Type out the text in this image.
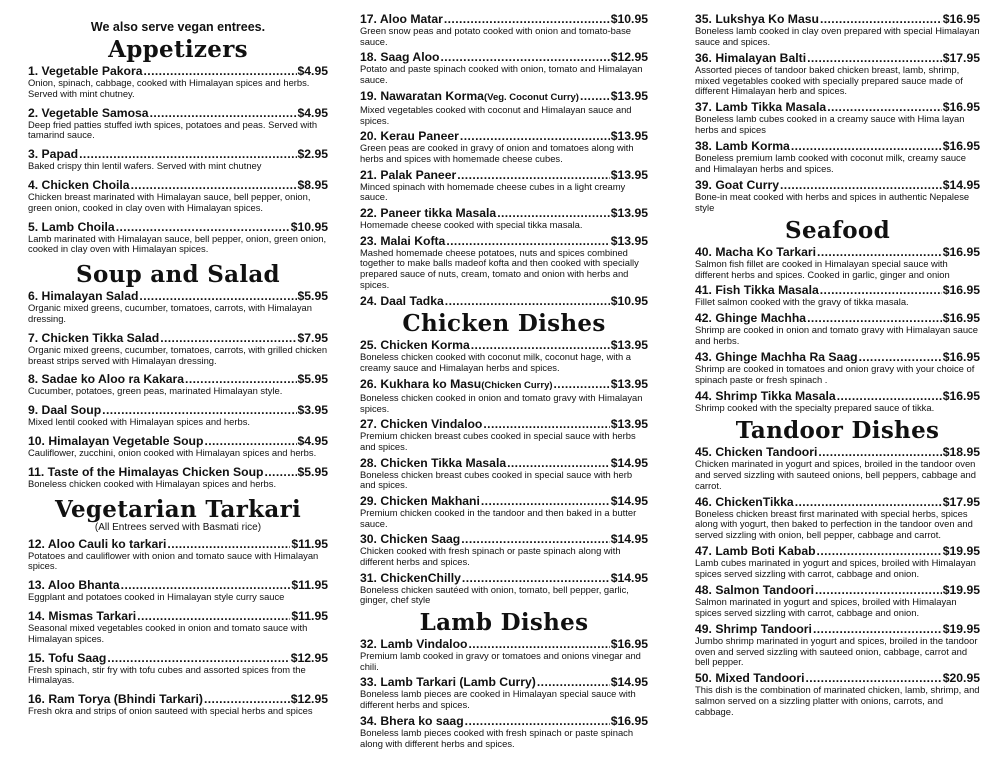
We also serve vegan entrees.

Appetizers
1. Vegetable Pakora .....	$4.95

Onion, spinach, cabbage, cooked with Himalayan spices and herbs. Served with mint chutney.

2. Vegetable Samosa .....	$4.95

Deep fried patties stuffed iwth spices, potatoes and peas. Served with tamarind sauce.

3. Papad .....	$2.95

Baked crispy thin lentil wafers. Served with mint chutney

4. Chicken Choila .....	$8.95

Chicken breast marinated with Himalayan sauce, bell pepper, onion, green onion, cooked in clay oven with Himalayan spices.

5. Lamb Choila .....	$10.95

Lamb marinated with Himalayan sauce, bell pepper, onion, green onion, cooked in clay oven with Himalayan spices.

Soup and Salad
6. Himalayan Salad .....	$5.95

Organic mixed greens, cucumber, tomatoes, carrots, with Himalayan dressing.

7. Chicken Tikka Salad .....	$7.95

Organic mixed greens, cucumber, tomatoes, carrots, with grilled chicken breast strips served with Himalayan dressing.

8. Sadae ko Aloo ra Kakara .....	$5.95

Cucumber, potatoes, green peas, marinated Himalayan style.

9. Daal Soup .....	$3.95

Mixed lentil cooked with Himalayan spices and herbs.

10. Himalayan Vegetable Soup .....	$4.95

Cauliflower, zucchini, onion cooked with Himalayan spices and herbs.

11. Taste of the Himalayas Chicken Soup .....	$5.95

Boneless chicken cooked with Himalayan spices and herbs.

Vegetarian Tarkari

(All Entrees served with Basmati rice)

12. Aloo Cauli ko tarkari .....	$11.95

Potatoes and cauliflower with onion and tomato sauce with Himalayan spices.

13. Aloo Bhanta .....	$11.95

Eggplant and potatoes cooked in Himalayan style curry sauce

14. Mismas Tarkari .....	$11.95

Seasonal mixed vegetables cooked in onion and tomato sauce with Himalayan spices.

15. Tofu Saag .....	$12.95

Fresh spinach, stir fry with tofu cubes and assorted spices from the Himalayas.

16. Ram Torya (Bhindi Tarkari) .....	$12.95

Fresh okra and strips of onion sauteed with special herbs and spices

17. Aloo Matar .....	$10.95

Green snow peas and potato cooked with onion and tomato-base sauce.

18. Saag Aloo .....	$12.95

Potato and paste spinach cooked with onion, tomato and Himalayan sauce.

19. Nawaratan Korma(Veg. Coconut Curry) .....	$13.95

Mixed vegetables cooked with coconut and Himalayan sauce and spices.

20. Kerau Paneer .....	$13.95

Green peas are cooked in gravy of onion and tomatoes along with herbs and spices with homemade cheese cubes.

21. Palak Paneer .....	$13.95

Minced spinach with homemade cheese cubes in a light creamy sauce.

22. Paneer tikka Masala .....	$13.95

Homemade cheese cooked with special tikka masala.

23. Malai Kofta .....	$13.95

Mashed homemade cheese potatoes, nuts and spices combined together to make balls madeof kofta and then cooked with specially prepared sauce of nuts, cream, tomato and onion with herbs and spices.

24. Daal Tadka .....	$10.95
Chicken Dishes
25. Chicken Korma .....	$13.95

Boneless chicken cooked with coconut milk, coconut hage, with a creamy sauce and Himalayan herbs and spices.

26. Kukhara ko Masu(Chicken Curry) .....	$13.95

Boneless chicken cooked in onion and tomato gravy with Himalayan spices.

27. Chicken Vindaloo .....	$13.95

Premium chicken breast cubes cooked in special sauce with herbs and spices.

28. Chicken Tikka Masala .....	$14.95

Boneless chicken breast cubes cooked in special sauce with herb and spices.

29. Chicken Makhani .....	$14.95

Premium chicken cooked in the tandoor and then baked in a butter sauce.

30. Chicken Saag .....	$14.95

Chicken cooked with fresh spinach or paste spinach along with different herbs and spices.

31. ChickenChilly .....	$14.95

Boneless chicken sautéed with onion, tomato, bell pepper, garlic, ginger, chef style

Lamb Dishes
32. Lamb Vindaloo .....	$16.95

Premium lamb cooked in gravy or tomatoes and onions vinegar and chili.

33. Lamb Tarkari (Lamb Curry) .....	$14.95

Boneless lamb pieces are cooked in Himalayan special sauce with different herbs and spices.

34. Bhera ko saag .....	$16.95

Boneless lamb pieces cooked with fresh spinach or paste spinach along with different herbs and spices.

35. Lukshya Ko Masu .....	$16.95

Boneless lamb cooked in clay oven prepared with special Himalayan sauce and spices.

36. Himalayan Balti .....	$17.95

Assorted pieces of tandoor baked chicken breast, lamb, shrimp, mixed vegetables cooked with specially prepared sauce made of different Himalayan herb and spices.

37. Lamb Tikka Masala .....	$16.95

Boneless lamb cubes cooked in a creamy sauce with Hima layan herbs and spices

38. Lamb Korma .....	$16.95

Boneless premium lamb cooked with coconut milk, creamy sauce and Himalayan herbs and spices.

39. Goat Curry .....	$14.95

Bone-in meat cooked with herbs and spices in authentic Nepalese style

Seafood
40. Macha Ko Tarkari .....	$16.95

Salmon fish fillet are cooked in Himalayan special sauce with different herbs and spices. Cooked in garlic, ginger and onion

41. Fish Tikka Masala .....	$16.95

Fillet salmon cooked with the gravy of tikka masala.

42. Ghinge Machha .....	$16.95

Shrimp are cooked in onion and tomato gravy with Himalayan sauce and herbs.

43. Ghinge Machha Ra Saag .....	$16.95

Shrimp are cooked in tomatoes and onion gravy with your choice of spinach paste or fresh spinach .

44. Shrimp Tikka Masala .....	$16.95

Shrimp cooked with the specialty prepared sauce of tikka.

Tandoor Dishes
45. Chicken Tandoori .....	$18.95

Chicken marinated in yogurt and spices, broiled in the tandoor oven and served sizzling with sauteed onions, bell peppers, cabbage and carrot.

46. ChickenTikka .....	$17.95

Boneless chicken breast first marinated with special herbs, spices along with yogurt, then baked to perfection in the tandoor oven and served sizzling with onion, bell pepper, cabbage and carrot.

47. Lamb Boti Kabab .....	$19.95

Lamb cubes marinated in yogurt and spices, broiled with Himalayan spices served sizzling with carrot, cabbage and onion.

48. Salmon Tandoori .....	$19.95

Salmon marinated in yogurt and spices, broiled with Himalayan spices served sizzling with carrot, cabbage and onion.

49. Shrimp Tandoori .....	$19.95

Jumbo shrimp marinated in yogurt and spices, broiled in the tandoor oven and served sizzling with sauteed onion, cabbage, carrot and bell pepper.

50. Mixed Tandoori .....	$20.95

This dish is the combination of marinated chicken, lamb, shrimp, and salmon served on a sizzling platter with onions, carrots, and cabbage.
